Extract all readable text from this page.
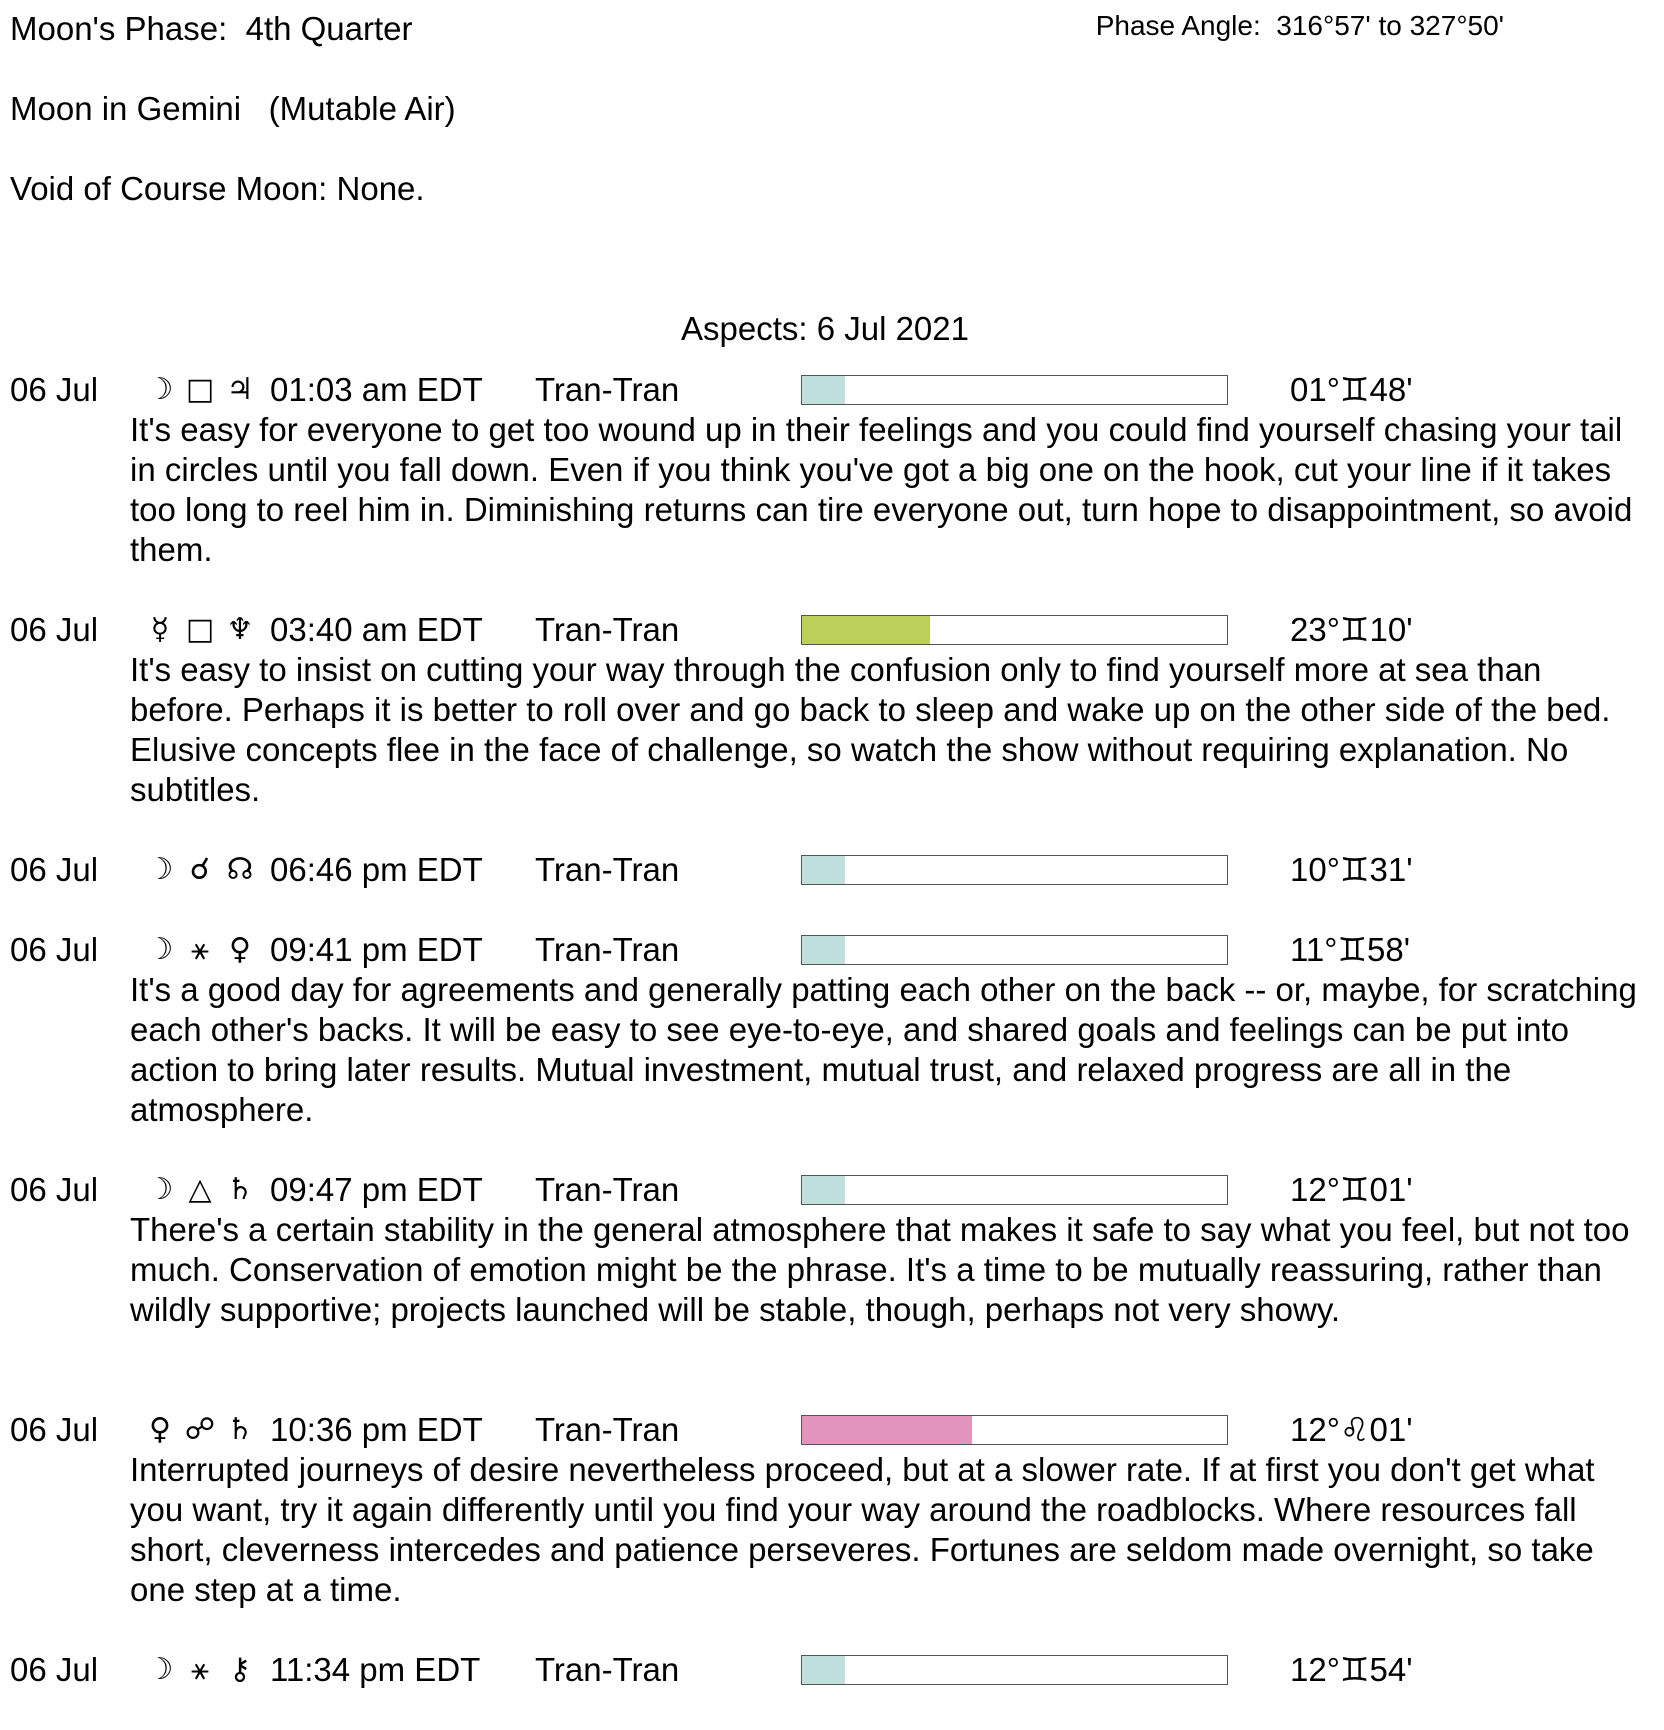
Moon's Phase:  4th Quarter	Phase Angle:  316°57' to 327°50'
Moon in Gemini   (Mutable Air)
Void of Course Moon: None.
Aspects: 6 Jul 2021
06 Jul ☽ □ ♃ 01:03 am EDT Tran-Tran	01°♊48'

It's easy for everyone to get too wound up in their feelings and you could find yourself chasing your tail in circles until you fall down. Even if you think you've got a big one on the hook, cut your line if it takes too long to reel him in. Diminishing returns can tire everyone out, turn hope to disappointment, so avoid them.

06 Jul	☿ □ ♆ 03:40 am EDT Tran-Tran	23°♊10'

It's easy to insist on cutting your way through the confusion only to find yourself more at sea than before. Perhaps it is better to roll over and go back to sleep and wake up on the other side of the bed. Elusive concepts flee in the face of challenge, so watch the show without requiring explanation. No subtitles.

06 Jul ☽ ☌ ☊ 06:46 pm EDT Tran-Tran	10°♊31'

06 Jul ☽ ⚹ ♀ 09:41 pm EDT Tran-Tran	11°♊58'

It's a good day for agreements and generally patting each other on the back -- or, maybe, for scratching each other's backs. It will be easy to see eye-to-eye, and shared goals and feelings can be put into action to bring later results. Mutual investment, mutual trust, and relaxed progress are all in the atmosphere.

06 Jul ☽ △ ♄ 09:47 pm EDT Tran-Tran	12°♊01'

There's a certain stability in the general atmosphere that makes it safe to say what you feel, but not too much. Conservation of emotion might be the phrase. It's a time to be mutually reassuring, rather than wildly supportive; projects launched will be stable, though, perhaps not very showy.

06 Jul	♀ ☍ ♄ 10:36 pm EDT Tran-Tran	12°♌01'

Interrupted journeys of desire nevertheless proceed, but at a slower rate. If at first you don't get what you want, try it again differently until you find your way around the roadblocks. Where resources fall short, cleverness intercedes and patience perseveres. Fortunes are seldom made overnight, so take one step at a time.

06 Jul ☽ ⚹ ⚷ 11:34 pm EDT Tran-Tran	12°♊54'
